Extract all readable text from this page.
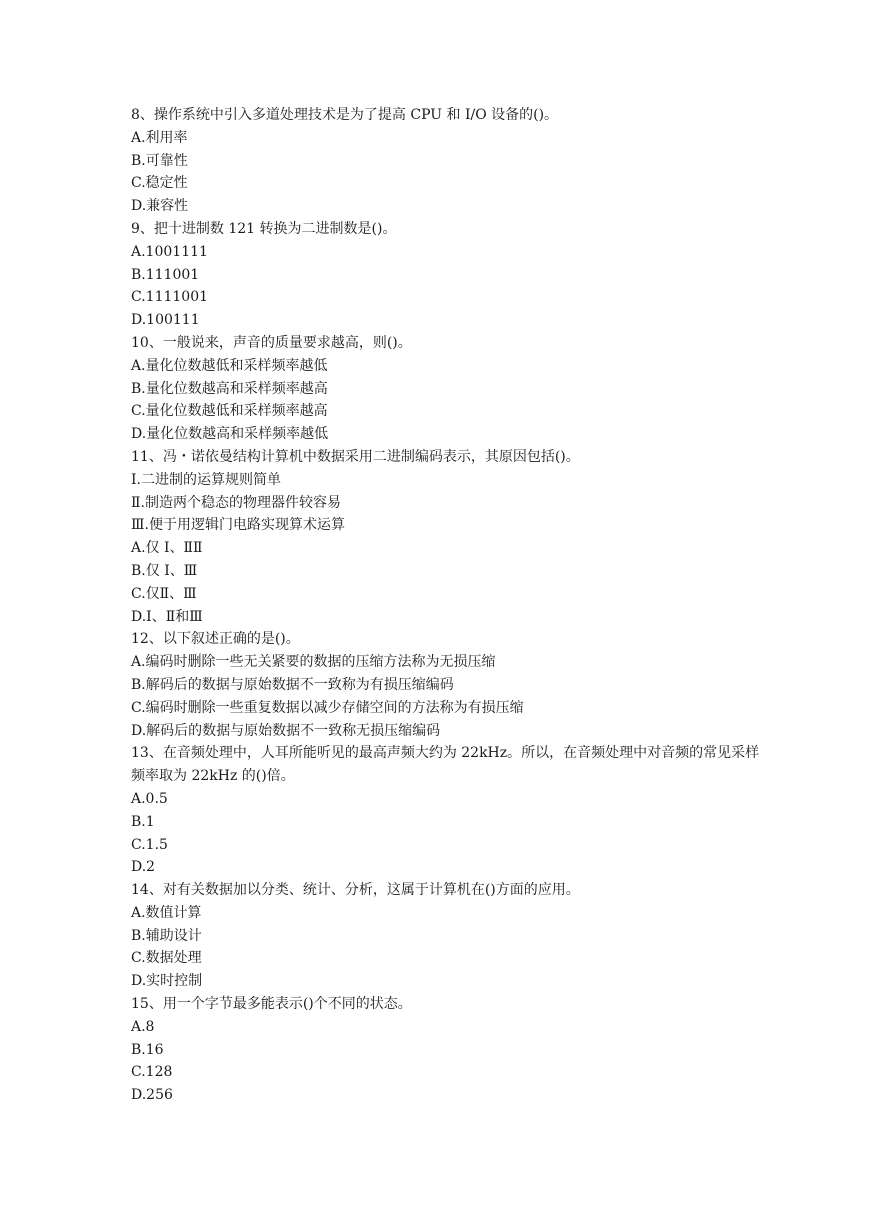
8、操作系统中引入多道处理技术是为了提高 CPU 和 I/O 设备的()。
A.利用率
B.可靠性
C.稳定性
D.兼容性
9、把十进制数 121 转换为二进制数是()。
A.1001111
B.111001
C.1111001
D.100111
10、一般说来，声音的质量要求越高，则()。
A.量化位数越低和采样频率越低
B.量化位数越高和采样频率越高
C.量化位数越低和采样频率越高
D.量化位数越高和采样频率越低
11、冯・诺依曼结构计算机中数据采用二进制编码表示，其原因包括()。
I.二进制的运算规则简单
Ⅱ.制造两个稳态的物理器件较容易
Ⅲ.便于用逻辑门电路实现算术运算
A.仅 I、ⅡⅡ
B.仅 I、Ⅲ
C.仅Ⅱ、Ⅲ
D.I、Ⅱ和Ⅲ
12、以下叙述正确的是()。
A.编码时删除一些无关紧要的数据的压缩方法称为无损压缩
B.解码后的数据与原始数据不一致称为有损压缩编码
C.编码时删除一些重复数据以减少存储空间的方法称为有损压缩
D.解码后的数据与原始数据不一致称无损压缩编码
13、在音频处理中，人耳所能听见的最高声频大约为 22kHz。所以，在音频处理中对音频的常见采样频率取为 22kHz 的()倍。
A.0.5
B.1
C.1.5
D.2
14、对有关数据加以分类、统计、分析，这属于计算机在()方面的应用。
A.数值计算
B.辅助设计
C.数据处理
D.实时控制
15、用一个字节最多能表示()个不同的状态。
A.8
B.16
C.128
D.256
